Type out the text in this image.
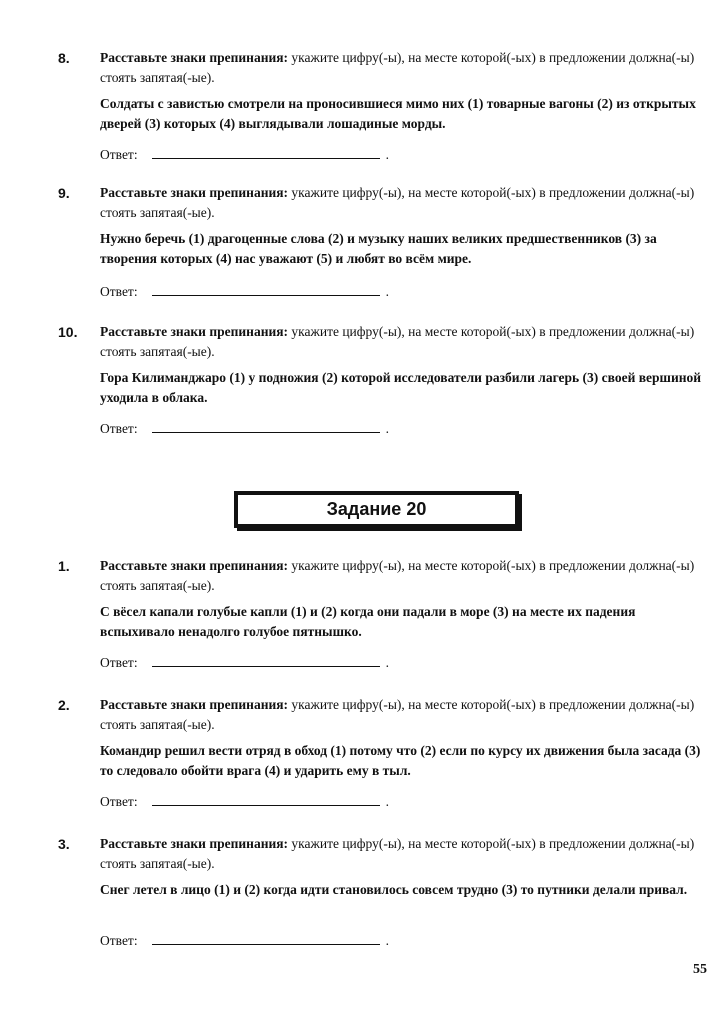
8. Расставьте знаки препинания: укажите цифру(-ы), на месте которой(-ых) в предложении должна(-ы) стоять запятая(-ые).

Солдаты с завистью смотрели на проносившиеся мимо них (1) товарные вагоны (2) из открытых дверей (3) которых (4) выглядывали лошадиные морды.

Ответ:	.
9. Расставьте знаки препинания: укажите цифру(-ы), на месте которой(-ых) в предложении должна(-ы) стоять запятая(-ые).

Нужно беречь (1) драгоценные слова (2) и музыку наших великих предшественников (3) за творения которых (4) нас уважают (5) и любят во всём мире.

Ответ:	.
10. Расставьте знаки препинания: укажите цифру(-ы), на месте которой(-ых) в предложении должна(-ы) стоять запятая(-ые).

Гора Килиманджаро (1) у подножия (2) которой исследователи разбили лагерь (3) своей вершиной уходила в облака.

Ответ:	.
Задание 20
1. Расставьте знаки препинания: укажите цифру(-ы), на месте которой(-ых) в предложении должна(-ы) стоять запятая(-ые).

С вёсел капали голубые капли (1) и (2) когда они падали в море (3) на месте их падения вспыхивало ненадолго голубое пятнышко.

Ответ:	.
2. Расставьте знаки препинания: укажите цифру(-ы), на месте которой(-ых) в предложении должна(-ы) стоять запятая(-ые).

Командир решил вести отряд в обход (1) потому что (2) если по курсу их движения была засада (3) то следовало обойти врага (4) и ударить ему в тыл.

Ответ:	.
3. Расставьте знаки препинания: укажите цифру(-ы), на месте которой(-ых) в предложении должна(-ы) стоять запятая(-ые).

Снег летел в лицо (1) и (2) когда идти становилось совсем трудно (3) то путники делали привал.

Ответ:	.
55
